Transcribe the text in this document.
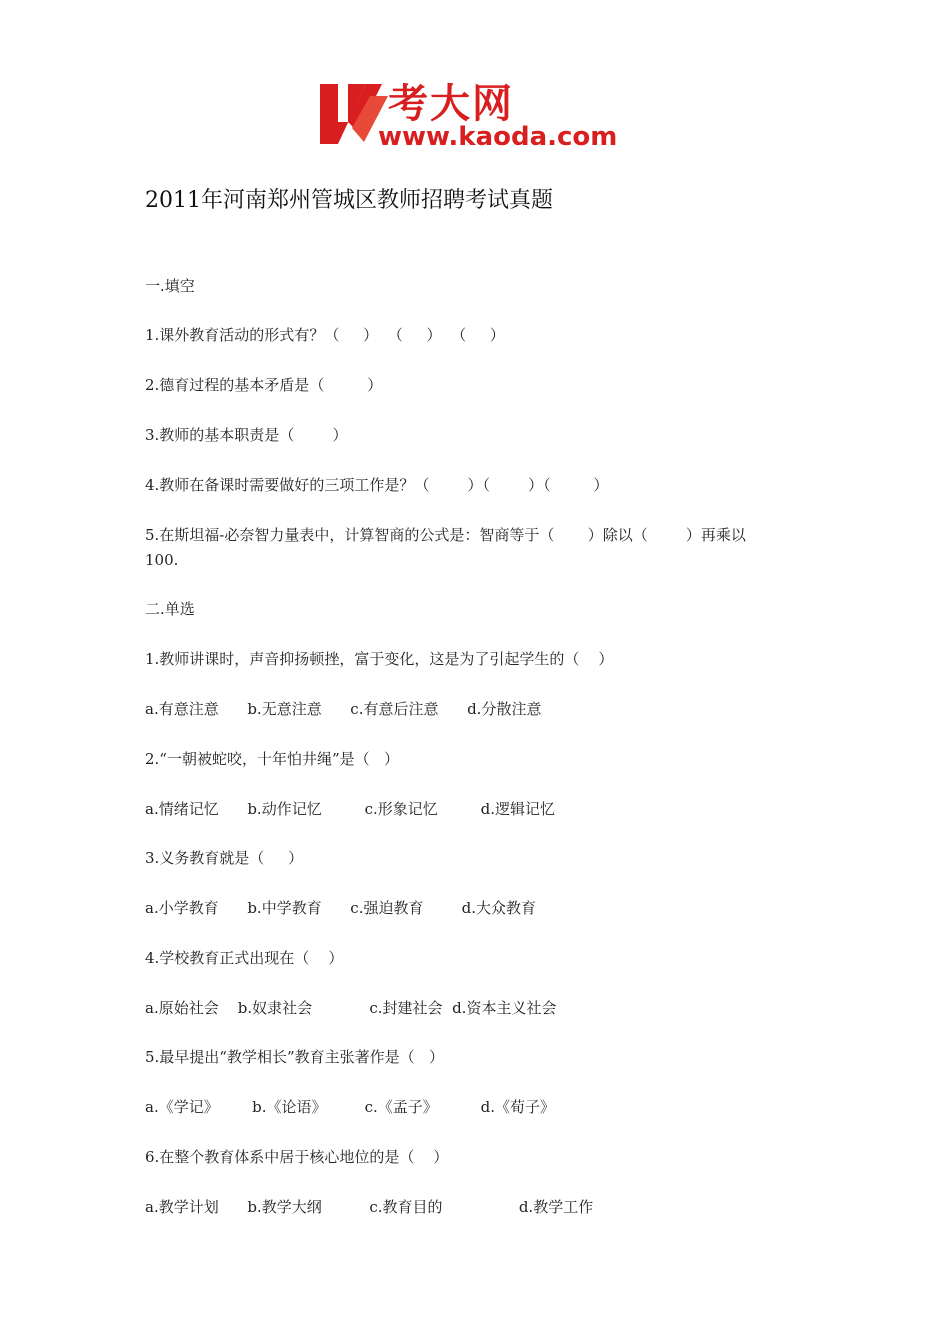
考大网
www.kaoda.com
2011年河南郑州管城区教师招聘考试真题
一.填空
1.课外教育活动的形式有？（     ）  （     ）  （     ）
2.德育过程的基本矛盾是（         ）
3.教师的基本职责是（        ）
4.教师在备课时需要做好的三项工作是？（        ）（        ）（         ）
5.在斯坦福-必奈智力量表中，计算智商的公式是：智商等于（       ）除以（        ）再乘以
100.
二.单选
1.教师讲课时，声音抑扬顿挫，富于变化，这是为了引起学生的（    ）
a.有意注意      b.无意注意      c.有意后注意      d.分散注意
2.“一朝被蛇咬，十年怕井绳”是（   ）
a.情绪记忆      b.动作记忆         c.形象记忆         d.逻辑记忆
3.义务教育就是（     ）
a.小学教育      b.中学教育      c.强迫教育        d.大众教育
4.学校教育正式出现在（    ）
a.原始社会    b.奴隶社会            c.封建社会  d.资本主义社会
5.最早提出“教学相长”教育主张著作是（   ）
a.《学记》       b.《论语》        c.《孟子》         d.《荀子》
6.在整个教育体系中居于核心地位的是（    ）
a.教学计划      b.教学大纲          c.教育目的                d.教学工作
